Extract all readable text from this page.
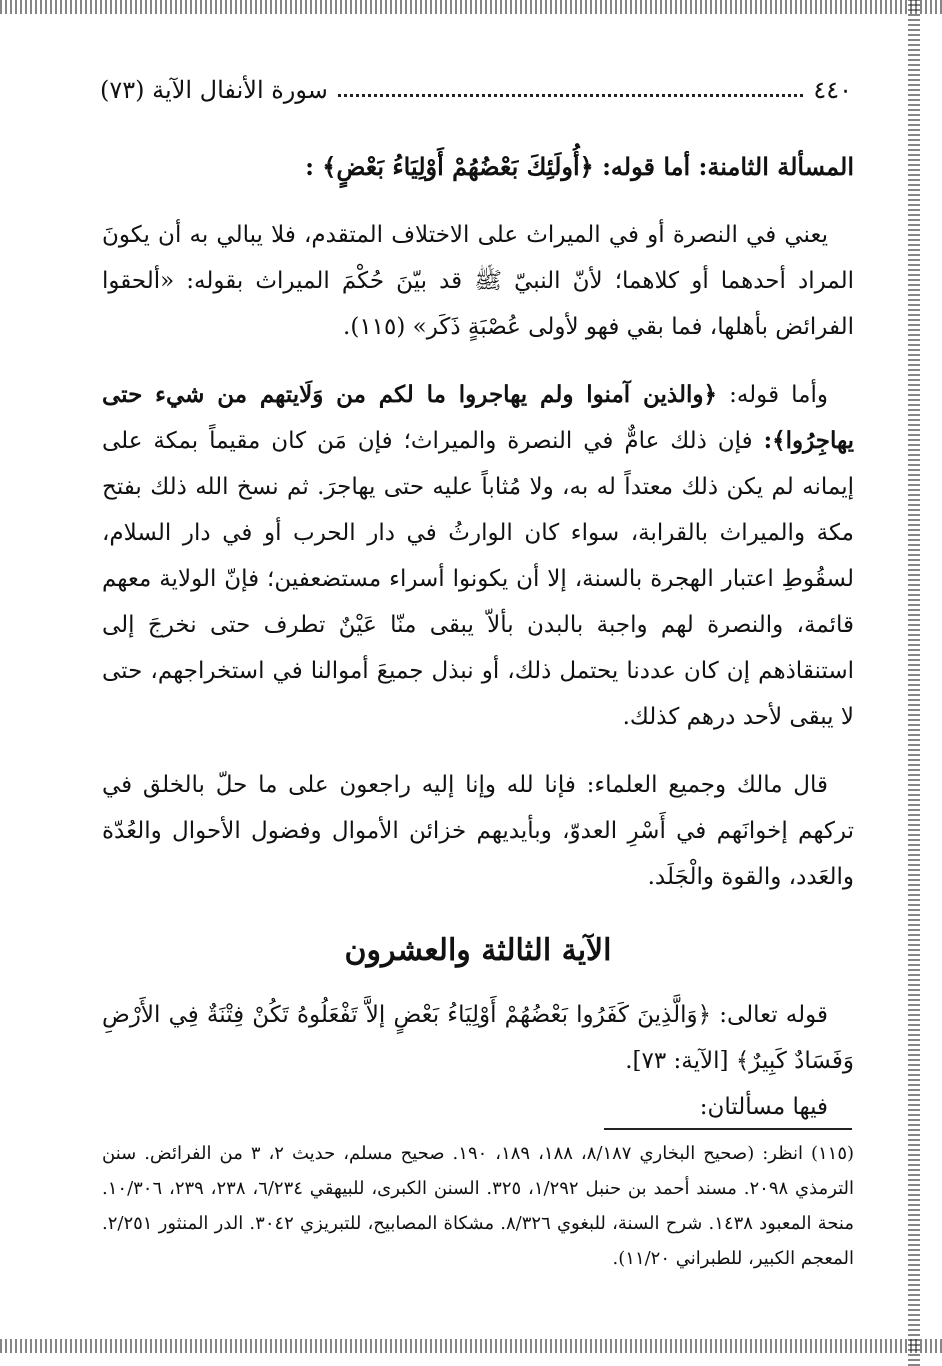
٤٤٠
سورة الأنفال الآية (٧٣)
المسألة الثامنة: أما قوله: ﴿أُولَئِكَ بَعْضُهُمْ أَوْلِيَاءُ بَعْضٍ﴾ :

يعني في النصرة أو في الميراث على الاختلاف المتقدم، فلا يبالي به أن يكونَ المراد أحدهما أو كلاهما؛ لأنّ النبيّ ﷺ قد بيّنَ حُكْمَ الميراث بقوله: «ألحقوا الفرائض بأهلها، فما بقي فهو لأولى عُصْبَةٍ ذَكَر» (١١٥).

وأما قوله: ﴿والذين آمنوا ولم يهاجروا ما لكم من وَلَايتهم من شيء حتى يهاجِرُوا﴾: فإن ذلك عامٌّ في النصرة والميراث؛ فإن مَن كان مقيماً بمكة على إيمانه لم يكن ذلك معتداً له به، ولا مُثاباً عليه حتى يهاجرَ. ثم نسخ الله ذلك بفتح مكة والميراث بالقرابة، سواء كان الوارثُ في دار الحرب أو في دار السلام، لسقُوطِ اعتبار الهجرة بالسنة، إلا أن يكونوا أسراء مستضعفين؛ فإنّ الولاية معهم قائمة، والنصرة لهم واجبة بالبدن بألاّ يبقى منّا عَيْنٌ تطرف حتى نخرجَ إلى استنقاذهم إن كان عددنا يحتمل ذلك، أو نبذل جميعَ أموالنا في استخراجهم، حتى لا يبقى لأحد درهم كذلك.

قال مالك وجميع العلماء: فإنا لله وإنا إليه راجعون على ما حلّ بالخلق في تركهم إخوانَهم في أَسْرِ العدوّ، وبأيديهم خزائن الأموال وفضول الأحوال والعُدّة والعَدد، والقوة والْجَلَد.

الآية الثالثة والعشرون

قوله تعالى: ﴿وَالَّذِينَ كَفَرُوا بَعْضُهُمْ أَوْلِيَاءُ بَعْضٍ إلاَّ تَفْعَلُوهُ تَكُنْ فِتْنَةٌ فِي الأَرْضِ وَفَسَادٌ كَبِيرٌ﴾ [الآية: ٧٣].

فيها مسألتان:

(١١٥) انظر: (صحيح البخاري ٨/١٨٧، ١٨٨، ١٨٩، ١٩٠. صحيح مسلم، حديث ٢، ٣ من الفرائض. سنن الترمذي ٢٠٩٨. مسند أحمد بن حنبل ١/٢٩٢، ٣٢٥. السنن الكبرى، للبيهقي ٦/٢٣٤، ٢٣٨، ٢٣٩، ١٠/٣٠٦. منحة المعبود ١٤٣٨. شرح السنة، للبغوي ٨/٣٢٦. مشكاة المصابيح، للتبريزي ٣٠٤٢. الدر المنثور ٢/٢٥١. المعجم الكبير، للطبراني ١١/٢٠).
